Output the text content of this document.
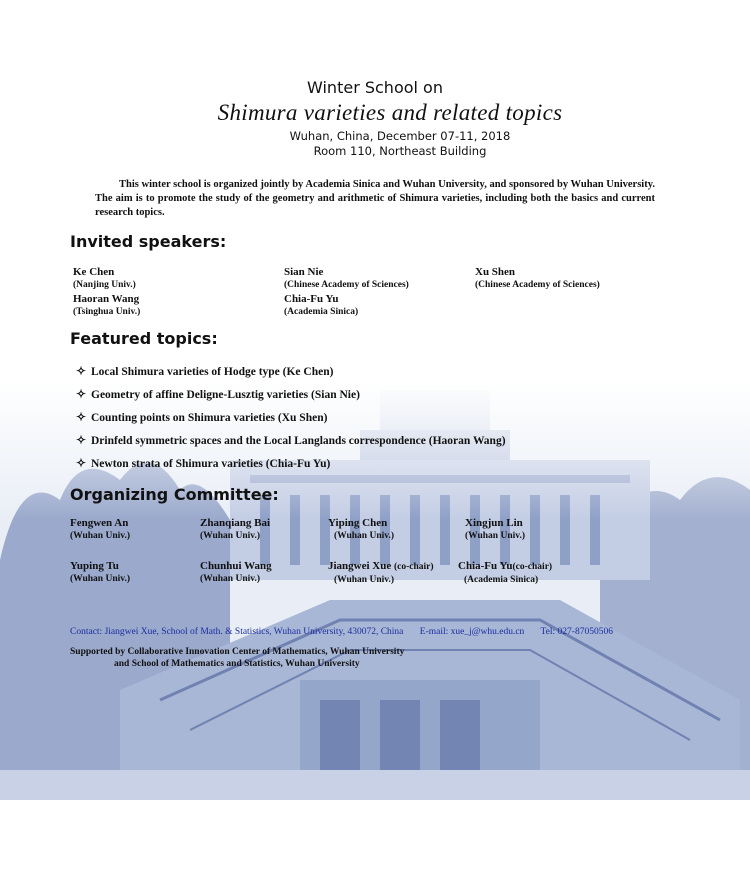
Winter School on
Shimura varieties and related topics
Wuhan, China, December 07-11, 2018
Room 110, Northeast Building
This winter school is organized jointly by Academia Sinica and Wuhan University, and sponsored by Wuhan University. The aim is to promote the study of the geometry and arithmetic of Shimura varieties, including both the basics and current research topics.
Invited speakers:
Ke Chen
(Nanjing Univ.)
Sian Nie
(Chinese Academy of Sciences)
Xu Shen
(Chinese Academy of Sciences)
Haoran Wang
(Tsinghua Univ.)
Chia-Fu Yu
(Academia Sinica)
Featured topics:
✧ Local Shimura varieties of Hodge type (Ke Chen)
✧ Geometry of affine Deligne-Lusztig varieties (Sian Nie)
✧ Counting points on Shimura varieties (Xu Shen)
✧ Drinfeld symmetric spaces and the Local Langlands correspondence (Haoran Wang)
✧ Newton strata of Shimura varieties (Chia-Fu Yu)
Organizing Committee:
Fengwen An
(Wuhan Univ.)
Zhanqiang Bai
(Wuhan Univ.)
Yiping Chen
(Wuhan Univ.)
Xingjun Lin
(Wuhan Univ.)
Yuping Tu
(Wuhan Univ.)
Chunhui Wang
(Wuhan Univ.)
Jiangwei Xue (co-chair)
(Wuhan Univ.)
Chia-Fu Yu(co-chair)
(Academia Sinica)
Contact: Jiangwei Xue, School of Math. & Statistics, Wuhan University, 430072, China E-mail: xue_j@whu.edu.cn Tel: 027-87050506
Supported by Collaborative Innovation Center of Mathematics, Wuhan University
and School of Mathematics and Statistics, Wuhan University
